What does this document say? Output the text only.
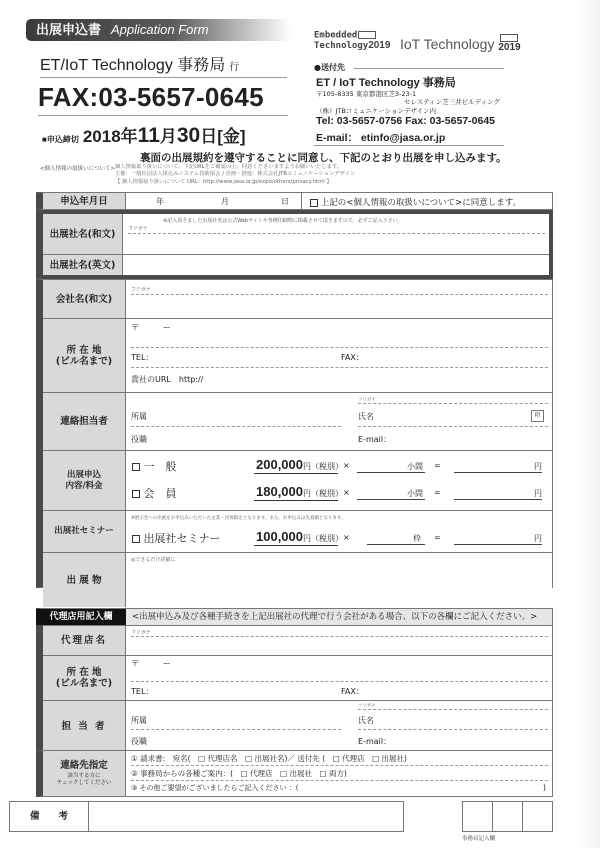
出展申込書 Application Form
ET/IoT Technology 事務局 行
FAX:03-5657-0645
■申込締切 2018年11月30日[金]
Embedded
Technology2019 IoT Technology 2019
●送付先
ET / IoT Technology 事務局
〒105-8335 東京都港区芝3-23-1
セレスティン芝三井ビルディング
（株）JTBコミュニケーションデザイン内
Tel: 03-5657-0756 Fax: 03-5657-0645
E-mail： etinfo@jasa.or.jp
裏面の出展規約を遵守することに同意し、下記のとおり出展を申し込みます。
<個人情報の取扱いについて> 個人情報取り扱いについて、下記URLをご確認の上、同意くださいますようお願いいたします。
主催：一般社団法人組込みシステム技術協会 / 企画・推進：株式会社JTBコミュニケーションデザイン
【 個人情報取り扱いについて URL：http://www.jasa.or.jp/expo/others/privacy.html 】
申込年月日	年	月	日	上記の<個人情報の取扱いについて>に同意します。
出展社名(和文)
※記入頂きました出展社名は公式Webサイトや各種印刷物に掲載させて頂きますので、必ずご記入下さい。
フリガナ
出展社名(英文)
会社名(和文)
フリガナ
所 在 地
(ビル名まで)
〒　　　ー
TEL：	FAX：
貴社のURL　http://
連絡担当者
フリガナ
所属	氏名	印
役職	E-mail：
出展申込
内容/料金
一　般	200,000円（税別） ×	小間 =	円
会　員	180,000円（税別） ×	小間 =	円
出展社セミナー
※展示会への出展をお申込みいただいた企業・団体限定となります。また、お申込みは先着順となります。
出展社セミナー	100,000円（税別） ×	枠 =	円
出 展 物
◎できるだけ詳細に
代理店用記入欄	<出展申込み及び各種手続きを上記出展社の代理で行う会社がある場合、以下の各欄にご記入ください。>
代理店名
フリガナ
所 在 地
(ビル名まで)
〒　　　ー
TEL：	FAX：
担 当 者
フリガナ
所属	氏名
役職	E-mail：
連絡先指定
該当する方に
チェックしてください
① 請求書:　宛名(　□ 代理店名　□ 出展社名)／ 送付先 (　□ 代理店　□ 出展社)
② 事務局からの各種ご案内：(　□ 代理店　□ 出展社　□ 両方)
③ その他ご要望がございましたらご記入ください ：(	)
備　　考
事務局記入欄
